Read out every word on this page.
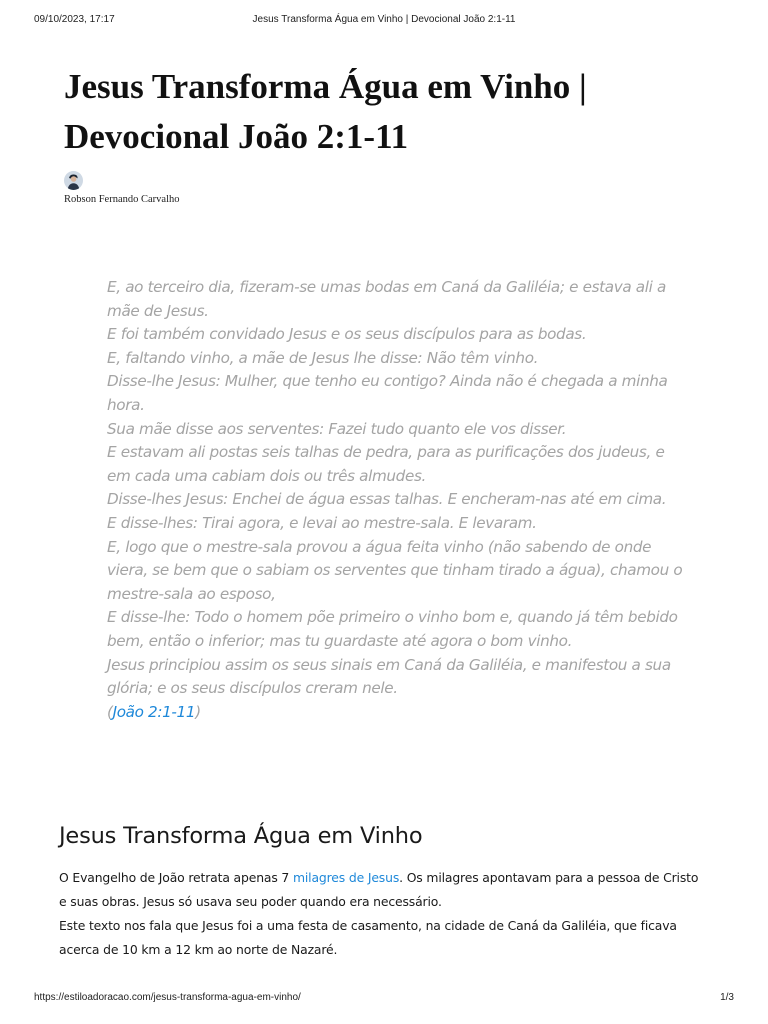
09/10/2023, 17:17	Jesus Transforma Água em Vinho | Devocional João 2:1-11
Jesus Transforma Água em Vinho | Devocional João 2:1-11
Robson Fernando Carvalho
E, ao terceiro dia, fizeram-se umas bodas em Caná da Galiléia; e estava ali a mãe de Jesus.
E foi também convidado Jesus e os seus discípulos para as bodas.
E, faltando vinho, a mãe de Jesus lhe disse: Não têm vinho.
Disse-lhe Jesus: Mulher, que tenho eu contigo? Ainda não é chegada a minha hora.
Sua mãe disse aos serventes: Fazei tudo quanto ele vos disser.
E estavam ali postas seis talhas de pedra, para as purificações dos judeus, e em cada uma cabiam dois ou três almudes.
Disse-lhes Jesus: Enchei de água essas talhas. E encheram-nas até em cima.
E disse-lhes: Tirai agora, e levai ao mestre-sala. E levaram.
E, logo que o mestre-sala provou a água feita vinho (não sabendo de onde viera, se bem que o sabiam os serventes que tinham tirado a água), chamou o mestre-sala ao esposo,
E disse-lhe: Todo o homem põe primeiro o vinho bom e, quando já têm bebido bem, então o inferior; mas tu guardaste até agora o bom vinho.
Jesus principiou assim os seus sinais em Caná da Galiléia, e manifestou a sua glória; e os seus discípulos creram nele.
(João 2:1-11)
Jesus Transforma Água em Vinho

O Evangelho de João retrata apenas 7 milagres de Jesus. Os milagres apontavam para a pessoa de Cristo e suas obras. Jesus só usava seu poder quando era necessário.

Este texto nos fala que Jesus foi a uma festa de casamento, na cidade de Caná da Galiléia, que ficava acerca de 10 km a 12 km ao norte de Nazaré.

https://estiloadoracao.com/jesus-transforma-agua-em-vinho/	1/3
